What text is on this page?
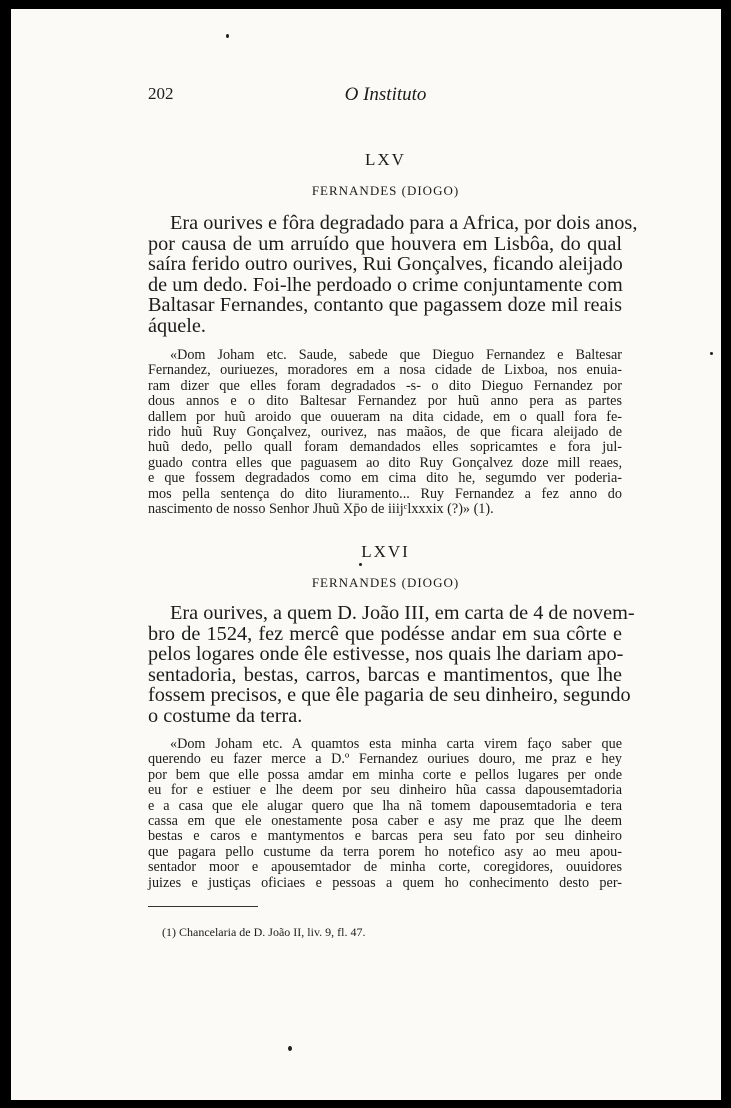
202	O Instituto
LXV
FERNANDES (DIOGO)
Era ourives e fôra degradado para a Africa, por dois anos,
por causa de um arruído que houvera em Lisbôa, do qual
saíra ferido outro ourives, Rui Gonçalves, ficando aleijado
de um dedo. Foi-lhe perdoado o crime conjuntamente com
Baltasar Fernandes, contanto que pagassem doze mil reais
áquele.
«Dom Joham etc. Saude, sabede que Dieguo Fernandez e Baltesar
Fernandez, ouriuezes, moradores em a nosa cidade de Lixboa, nos enuia-
ram dizer que elles foram degradados -s- o dito Dieguo Fernandez por
dous annos e o dito Baltesar Fernandez por huũ anno pera as partes
dallem por huũ aroido que ouueram na dita cidade, em o quall fora fe-
rido huũ Ruy Gonçalvez, ourivez, nas maãos, de que ficara aleijado de
huũ dedo, pello quall foram demandados elles sopricamtes e fora jul-
guado contra elles que paguasem ao dito Ruy Gonçalvez doze mill reaes,
e que fossem degradados como em cima dito he, segumdo ver poderia-
mos pella sentença do dito liuramento... Ruy Fernandez a fez anno do
nascimento de nosso Senhor Jhuũ Xp̄o de iiijᶜlxxxix (?)» (1).
LXVI
FERNANDES (DIOGO)
Era ourives, a quem D. João III, em carta de 4 de novem-
bro de 1524, fez mercê que podésse andar em sua côrte e
pelos logares onde êle estivesse, nos quais lhe dariam apo-
sentadoria, bestas, carros, barcas e mantimentos, que lhe
fossem precisos, e que êle pagaria de seu dinheiro, segundo
o costume da terra.
«Dom Joham etc. A quamtos esta minha carta virem faço saber que
querendo eu fazer merce a D.º Fernandez ouriues douro, me praz e hey
por bem que elle possa amdar em minha corte e pellos lugares per onde
eu for e estiuer e lhe deem por seu dinheiro hũa cassa dapousemtadoria
e a casa que ele alugar quero que lha nã tomem dapousemtadoria e tera
cassa em que ele onestamente posa caber e asy me praz que lhe deem
bestas e caros e mantymentos e barcas pera seu fato por seu dinheiro
que pagara pello custume da terra porem ho notefico asy ao meu apou-
sentador moor e apousemtador de minha corte, coregidores, ouuidores
juizes e justiças oficiaes e pessoas a quem ho conhecimento desto per-
(1) Chancelaria de D. João II, liv. 9, fl. 47.
